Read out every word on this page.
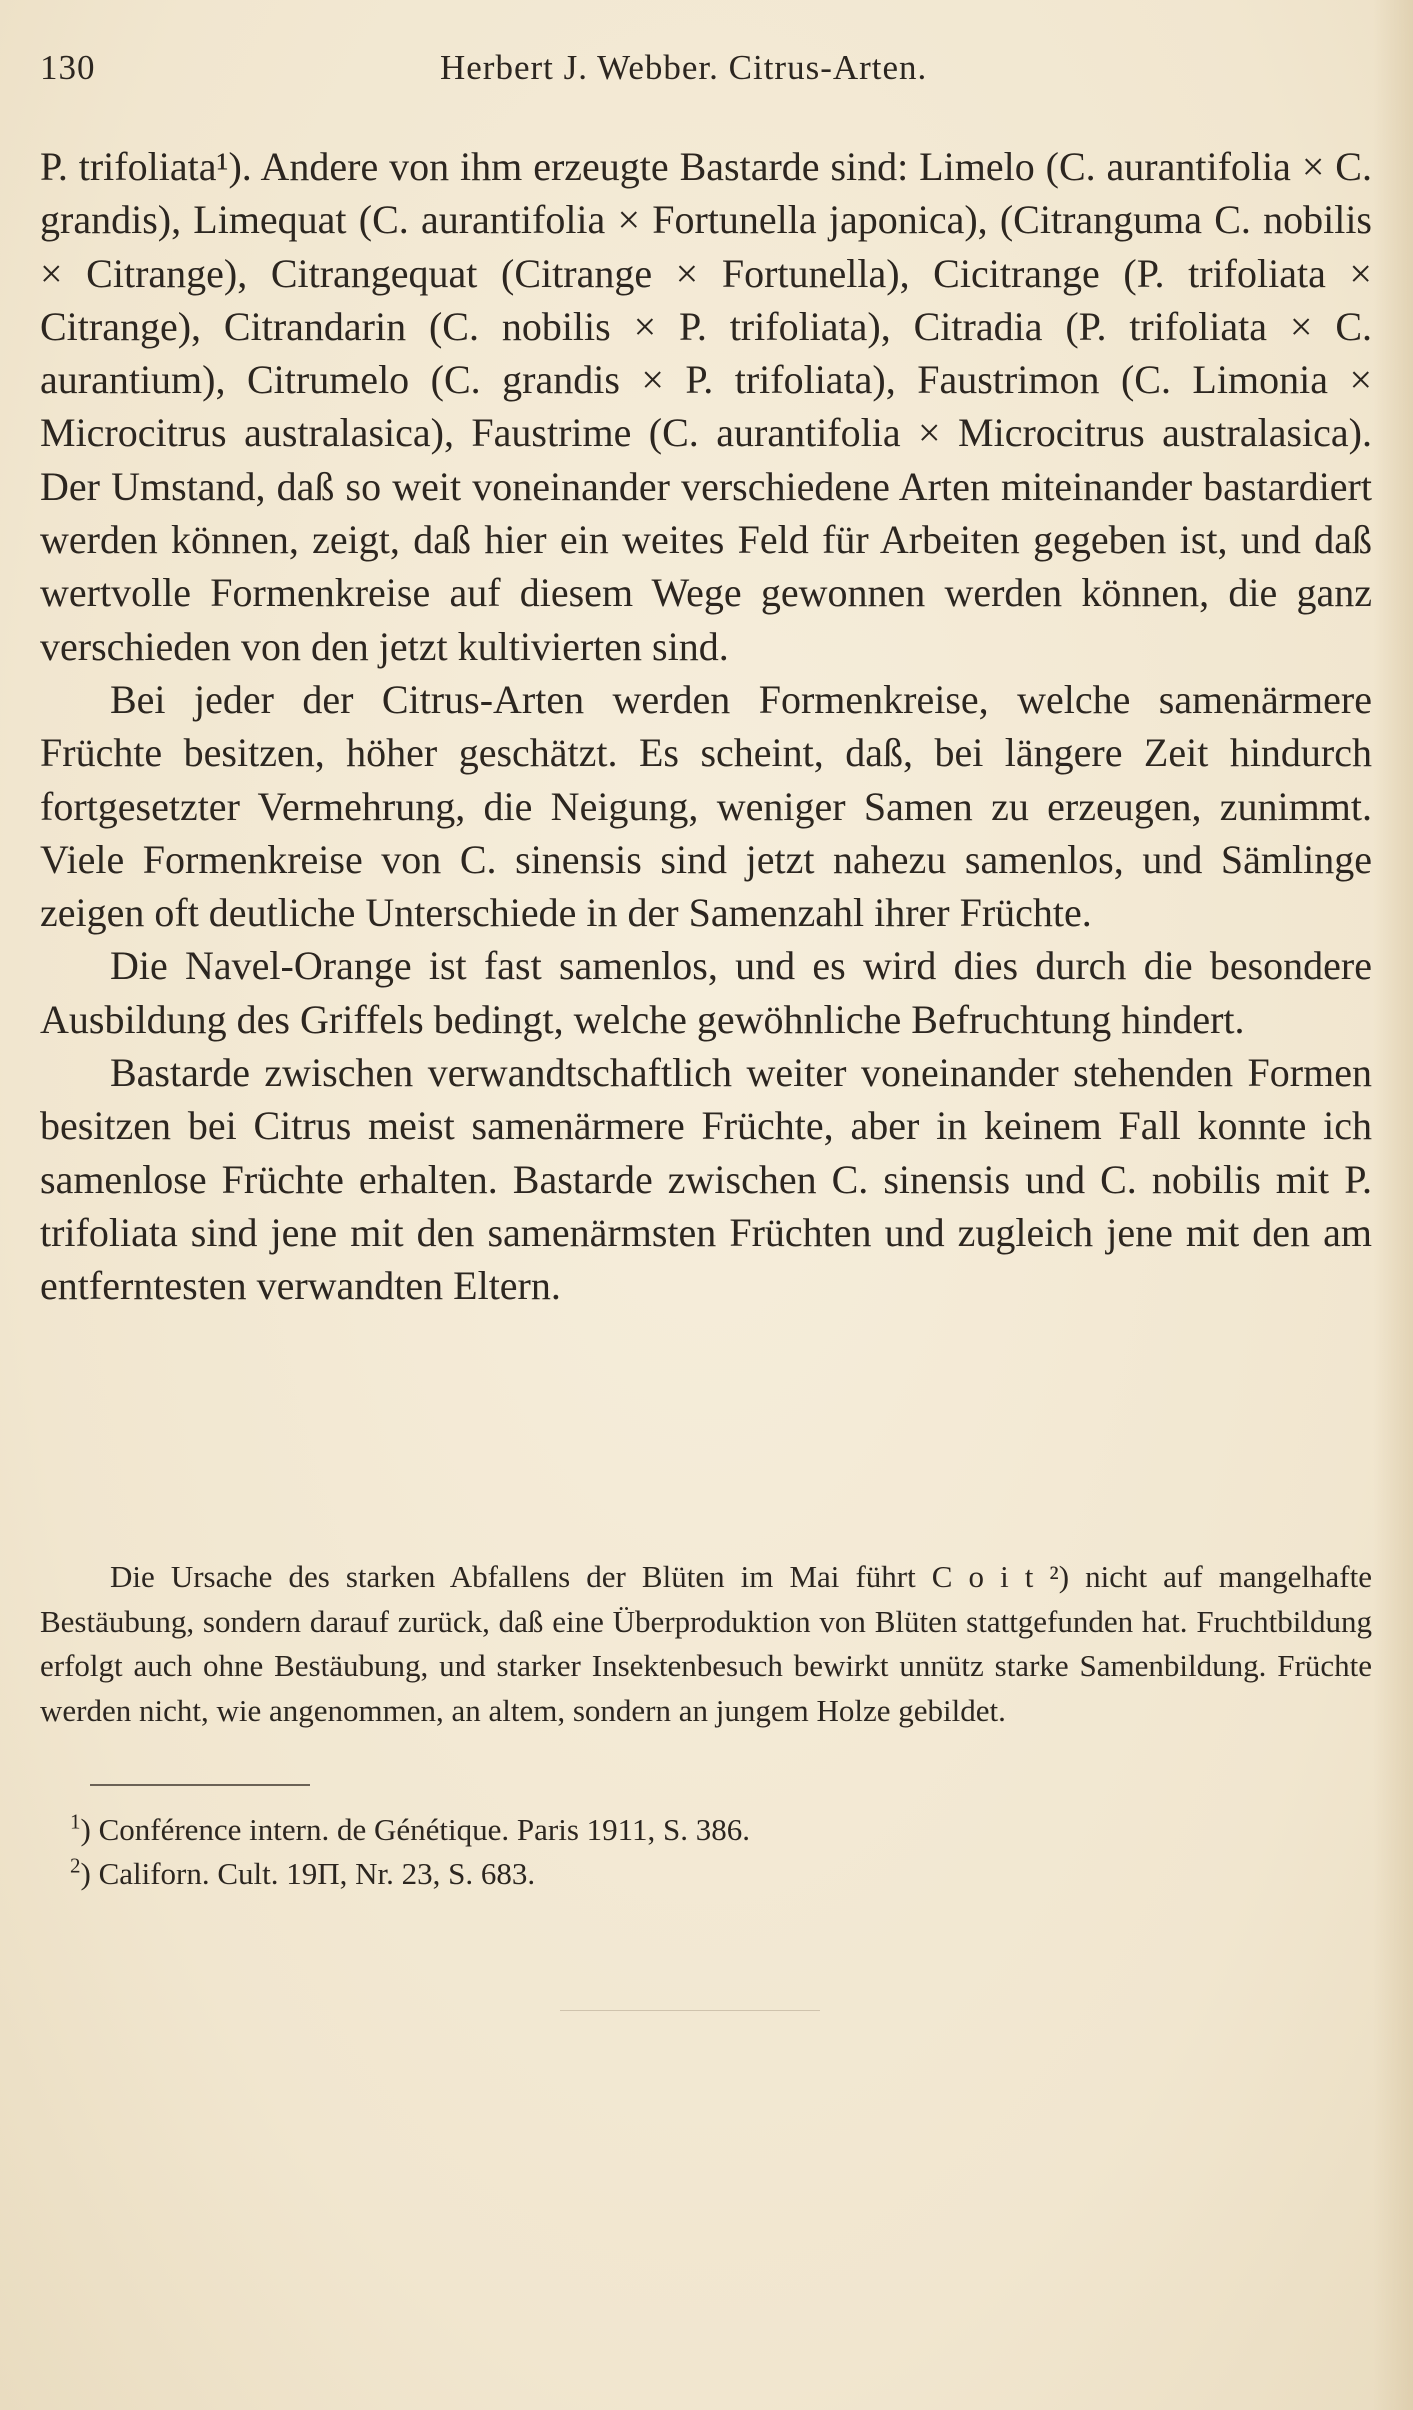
130	Herbert J. Webber. Citrus-Arten.

P. trifoliata¹). Andere von ihm erzeugte Bastarde sind: Limelo (C. aurantifolia × C. grandis), Limequat (C. aurantifolia × Fortunella japonica), (Citranguma C. nobilis × Citrange), Citrangequat (Citrange × Fortunella), Cicitrange (P. trifoliata × Citrange), Citrandarin (C. nobilis × P. trifoliata), Citradia (P. trifoliata × C. aurantium), Citrumelo (C. grandis × P. trifoliata), Faustrimon (C. Limonia × Microcitrus australasica), Faustrime (C. aurantifolia × Microcitrus australasica). Der Umstand, daß so weit voneinander verschiedene Arten miteinander bastardiert werden können, zeigt, daß hier ein weites Feld für Arbeiten gegeben ist, und daß wertvolle Formenkreise auf diesem Wege gewonnen werden können, die ganz verschieden von den jetzt kultivierten sind.

Bei jeder der Citrus-Arten werden Formenkreise, welche samenärmere Früchte besitzen, höher geschätzt. Es scheint, daß, bei längere Zeit hindurch fortgesetzter Vermehrung, die Neigung, weniger Samen zu erzeugen, zunimmt. Viele Formenkreise von C. sinensis sind jetzt nahezu samenlos, und Sämlinge zeigen oft deutliche Unterschiede in der Samenzahl ihrer Früchte.

Die Navel-Orange ist fast samenlos, und es wird dies durch die besondere Ausbildung des Griffels bedingt, welche gewöhnliche Befruchtung hindert.

Bastarde zwischen verwandtschaftlich weiter voneinander stehenden Formen besitzen bei Citrus meist samenärmere Früchte, aber in keinem Fall konnte ich samenlose Früchte erhalten. Bastarde zwischen C. sinensis und C. nobilis mit P. trifoliata sind jene mit den samenärmsten Früchten und zugleich jene mit den am entferntesten verwandten Eltern.

Die Ursache des starken Abfallens der Blüten im Mai führt C o i t ²) nicht auf mangelhafte Bestäubung, sondern darauf zurück, daß eine Überproduktion von Blüten stattgefunden hat. Fruchtbildung erfolgt auch ohne Bestäubung, und starker Insektenbesuch bewirkt unnütz starke Samenbildung. Früchte werden nicht, wie angenommen, an altem, sondern an jungem Holze gebildet.

$^1$) Conférence intern. de Génétique. Paris 1911, S. 386.

$^2$) Californ. Cult. 19П, Nr. 23, S. 683.
